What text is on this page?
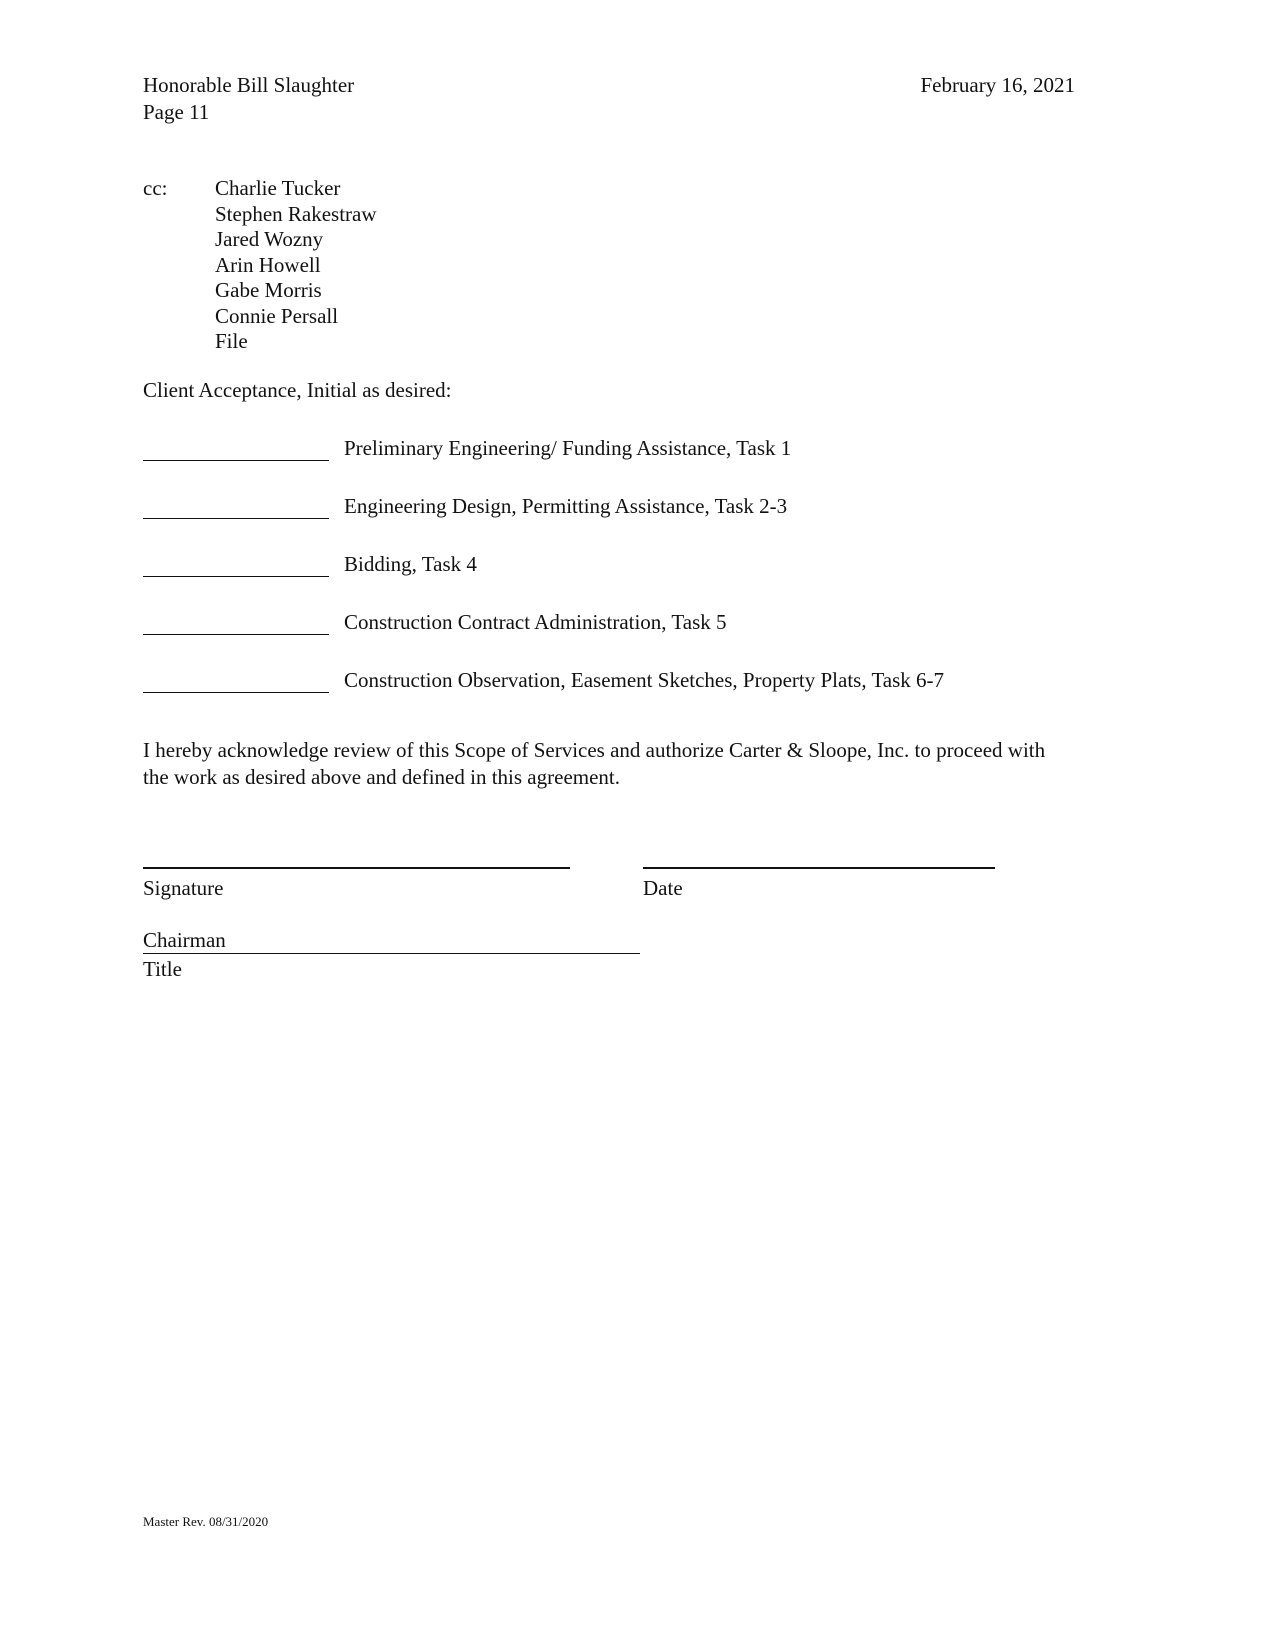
Honorable Bill Slaughter
Page 11
February 16, 2021
cc:	Charlie Tucker
Stephen Rakestraw
Jared Wozny
Arin Howell
Gabe Morris
Connie Persall
File
Client Acceptance, Initial as desired:
Preliminary Engineering/ Funding Assistance, Task 1
Engineering Design, Permitting Assistance, Task 2-3
Bidding, Task 4
Construction Contract Administration, Task 5
Construction Observation, Easement Sketches, Property Plats, Task 6-7
I hereby acknowledge review of this Scope of Services and authorize Carter & Sloope, Inc. to proceed with the work as desired above and defined in this agreement.
Signature	Date
Chairman
Title
Master Rev. 08/31/2020
